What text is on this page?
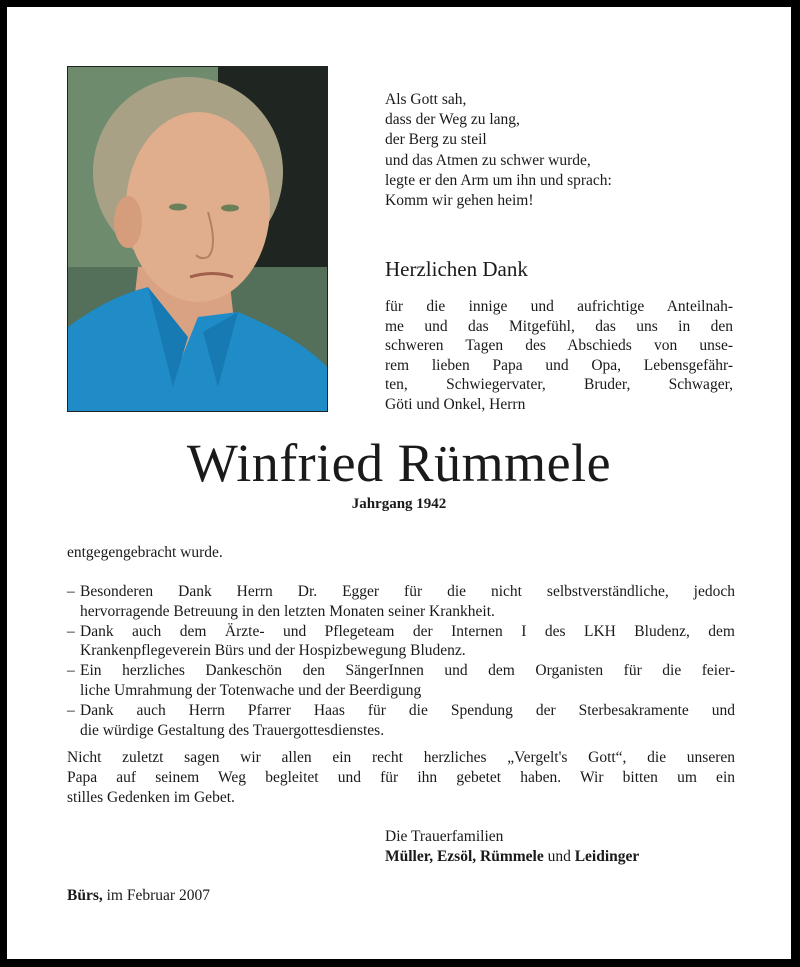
Als Gott sah,
dass der Weg zu lang,
der Berg zu steil
und das Atmen zu schwer wurde,
legte er den Arm um ihn und sprach:
Komm wir gehen heim!
Herzlichen Dank
für die innige und aufrichtige Anteilnah-
me und das Mitgefühl, das uns in den
schweren Tagen des Abschieds von unse-
rem lieben Papa und Opa, Lebensgefähr-
ten, Schwiegervater, Bruder, Schwager,
Göti und Onkel, Herrn
Winfried Rümmele
Jahrgang 1942
entgegengebracht wurde.
– Besonderen Dank Herrn Dr. Egger für die nicht selbstverständliche, jedoch
hervorragende Betreuung in den letzten Monaten seiner Krankheit.
– Dank auch dem Ärzte- und Pflegeteam der Internen I des LKH Bludenz, dem
Krankenpflegeverein Bürs und der Hospizbewegung Bludenz.
– Ein herzliches Dankeschön den SängerInnen und dem Organisten für die feier-
liche Umrahmung der Totenwache und der Beerdigung
– Dank auch Herrn Pfarrer Haas für die Spendung der Sterbesakramente und
die würdige Gestaltung des Trauergottesdienstes.
Nicht zuletzt sagen wir allen ein recht herzliches „Vergelt's Gott“, die unseren
Papa auf seinem Weg begleitet und für ihn gebetet haben. Wir bitten um ein
stilles Gedenken im Gebet.
Die Trauerfamilien
Müller, Ezsöl, Rümmele und Leidinger
Bürs, im Februar 2007
